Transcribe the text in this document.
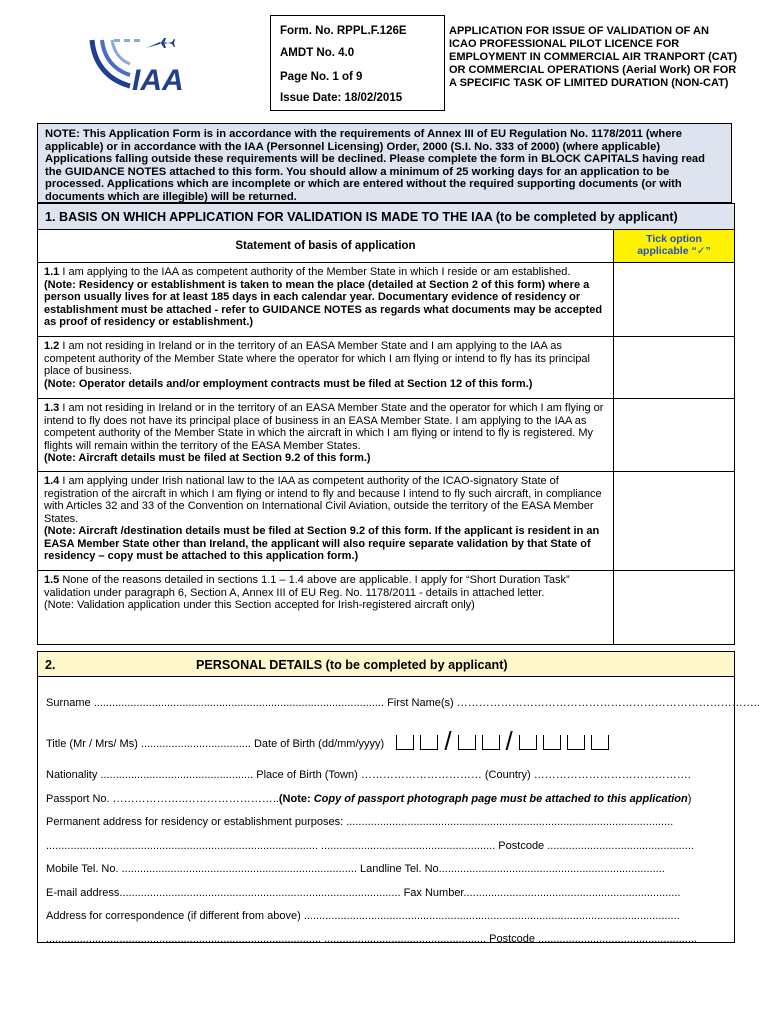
IAA
Form. No. RPPL.F.126E
AMDT No. 4.0
Page No. 1 of 9
Issue Date: 18/02/2015
APPLICATION FOR ISSUE OF VALIDATION OF AN ICAO PROFESSIONAL PILOT LICENCE FOR EMPLOYMENT IN COMMERCIAL AIR TRANPORT (CAT) OR COMMERCIAL OPERATIONS (Aerial Work) OR FOR A SPECIFIC TASK OF LIMITED DURATION (NON-CAT)
NOTE: This Application Form is in accordance with the requirements of Annex III of EU Regulation No. 1178/2011 (where applicable) or in accordance with the IAA (Personnel Licensing) Order, 2000 (S.I. No. 333 of 2000) (where applicable) Applications falling outside these requirements will be declined. Please complete the form in BLOCK CAPITALS having read the GUIDANCE NOTES attached to this form. You should allow a minimum of 25 working days for an application to be processed. Applications which are incomplete or which are entered without the required supporting documents (or with documents which are illegible) will be returned.
1. BASIS ON WHICH APPLICATION FOR VALIDATION IS MADE TO THE IAA (to be completed by applicant)
Statement of basis of application
Tick option
applicable “✓”
1.1 I am applying to the IAA as competent authority of the Member State in which I reside or am established.
(Note: Residency or establishment is taken to mean the place (detailed at Section 2 of this form) where a person usually lives for at least 185 days in each calendar year. Documentary evidence of residency or establishment must be attached - refer to GUIDANCE NOTES as regards what documents may be accepted as proof of residency or establishment.)
1.2 I am not residing in Ireland or in the territory of an EASA Member State and I am applying to the IAA as competent authority of the Member State where the operator for which I am flying or intend to fly has its principal place of business.
(Note: Operator details and/or employment contracts must be filed at Section 12 of this form.)
1.3 I am not residing in Ireland or in the territory of an EASA Member State and the operator for which I am flying or intend to fly does not have its principal place of business in an EASA Member State. I am applying to the IAA as competent authority of the Member State in which the aircraft in which I am flying or intend to fly is registered. My flights will remain within the territory of the EASA Member States.
(Note: Aircraft details must be filed at Section 9.2 of this form.)
1.4 I am applying under Irish national law to the IAA as competent authority of the ICAO-signatory State of registration of the aircraft in which I am flying or intend to fly and because I intend to fly such aircraft, in compliance with Articles 32 and 33 of the Convention on International Civil Aviation, outside the territory of the EASA Member States.
(Note: Aircraft /destination details must be filed at Section 9.2 of this form. If the applicant is resident in an EASA Member State other than Ireland, the applicant will also require separate validation by that State of residency – copy must be attached to this application form.)
1.5 None of the reasons detailed in sections 1.1 – 1.4 above are applicable. I apply for “Short Duration Task” validation under paragraph 6, Section A, Annex III of EU Reg. No. 1178/2011 - details in attached letter.
(Note: Validation application under this Section accepted for Irish-registered aircraft only)
2.	PERSONAL DETAILS (to be completed by applicant)
Surname ............................................................................................... First Name(s) ………………………………………………………………………..
Title (Mr / Mrs/ Ms) .................................... Date of Birth (dd/mm/yyyy) / /
Nationality .................................................. Place of Birth (Town) …………………………… (Country) …………………………………….
Passport No. ………………..……………………..(Note: Copy of passport photograph page must be attached to this application)
Permanent address for residency or establishment purposes: ...........................................................................................................
......................................................................................... ......................................................... Postcode ................................................
Mobile Tel. No. ............................................................................. Landline Tel. No..........................................................................
E-mail address............................................................................................ Fax Number.......................................................................
Address for correspondence (if different from above) ...........................................................................................................................
.......................................................................................... ..................................................... Postcode ....................................................
